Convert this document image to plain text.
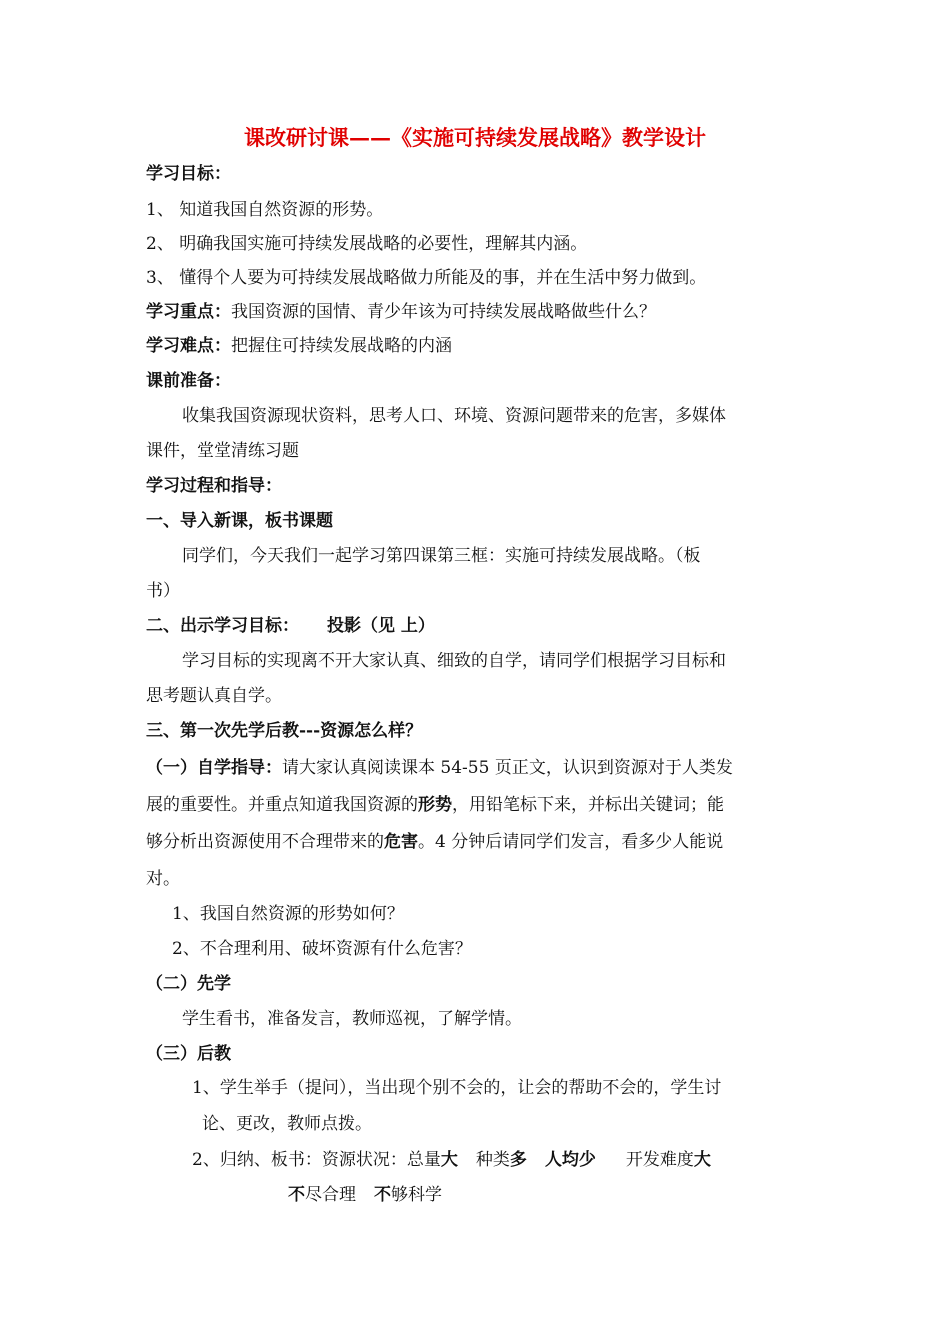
课改研讨课——《实施可持续发展战略》教学设计
学习目标：
1、 知道我国自然资源的形势。
2、 明确我国实施可持续发展战略的必要性，理解其内涵。
3、 懂得个人要为可持续发展战略做力所能及的事，并在生活中努力做到。
学习重点：我国资源的国情、青少年该为可持续发展战略做些什么？
学习难点：把握住可持续发展战略的内涵
课前准备：
收集我国资源现状资料，思考人口、环境、资源问题带来的危害，多媒体
课件，堂堂清练习题
学习过程和指导：
一、导入新课，板书课题
同学们，今天我们一起学习第四课第三框：实施可持续发展战略。（板
书）
二、出示学习目标： 投影（见 上）
学习目标的实现离不开大家认真、细致的自学，请同学们根据学习目标和
思考题认真自学。
三、第一次先学后教---资源怎么样？
（一）自学指导：请大家认真阅读课本 54-55 页正文，认识到资源对于人类发
展的重要性。并重点知道我国资源的形势，用铅笔标下来，并标出关键词；能
够分析出资源使用不合理带来的危害。4 分钟后请同学们发言，看多少人能说
对。
1、我国自然资源的形势如何？
2、不合理利用、破坏资源有什么危害？
（二）先学
学生看书，准备发言，教师巡视，了解学情。
（三）后教
1、学生举手（提问），当出现个别不会的，让会的帮助不会的，学生讨
论、更改，教师点拨。
2、归纳、板书：资源状况：总量大 种类多 人均少 开发难度大
不尽合理 不够科学
